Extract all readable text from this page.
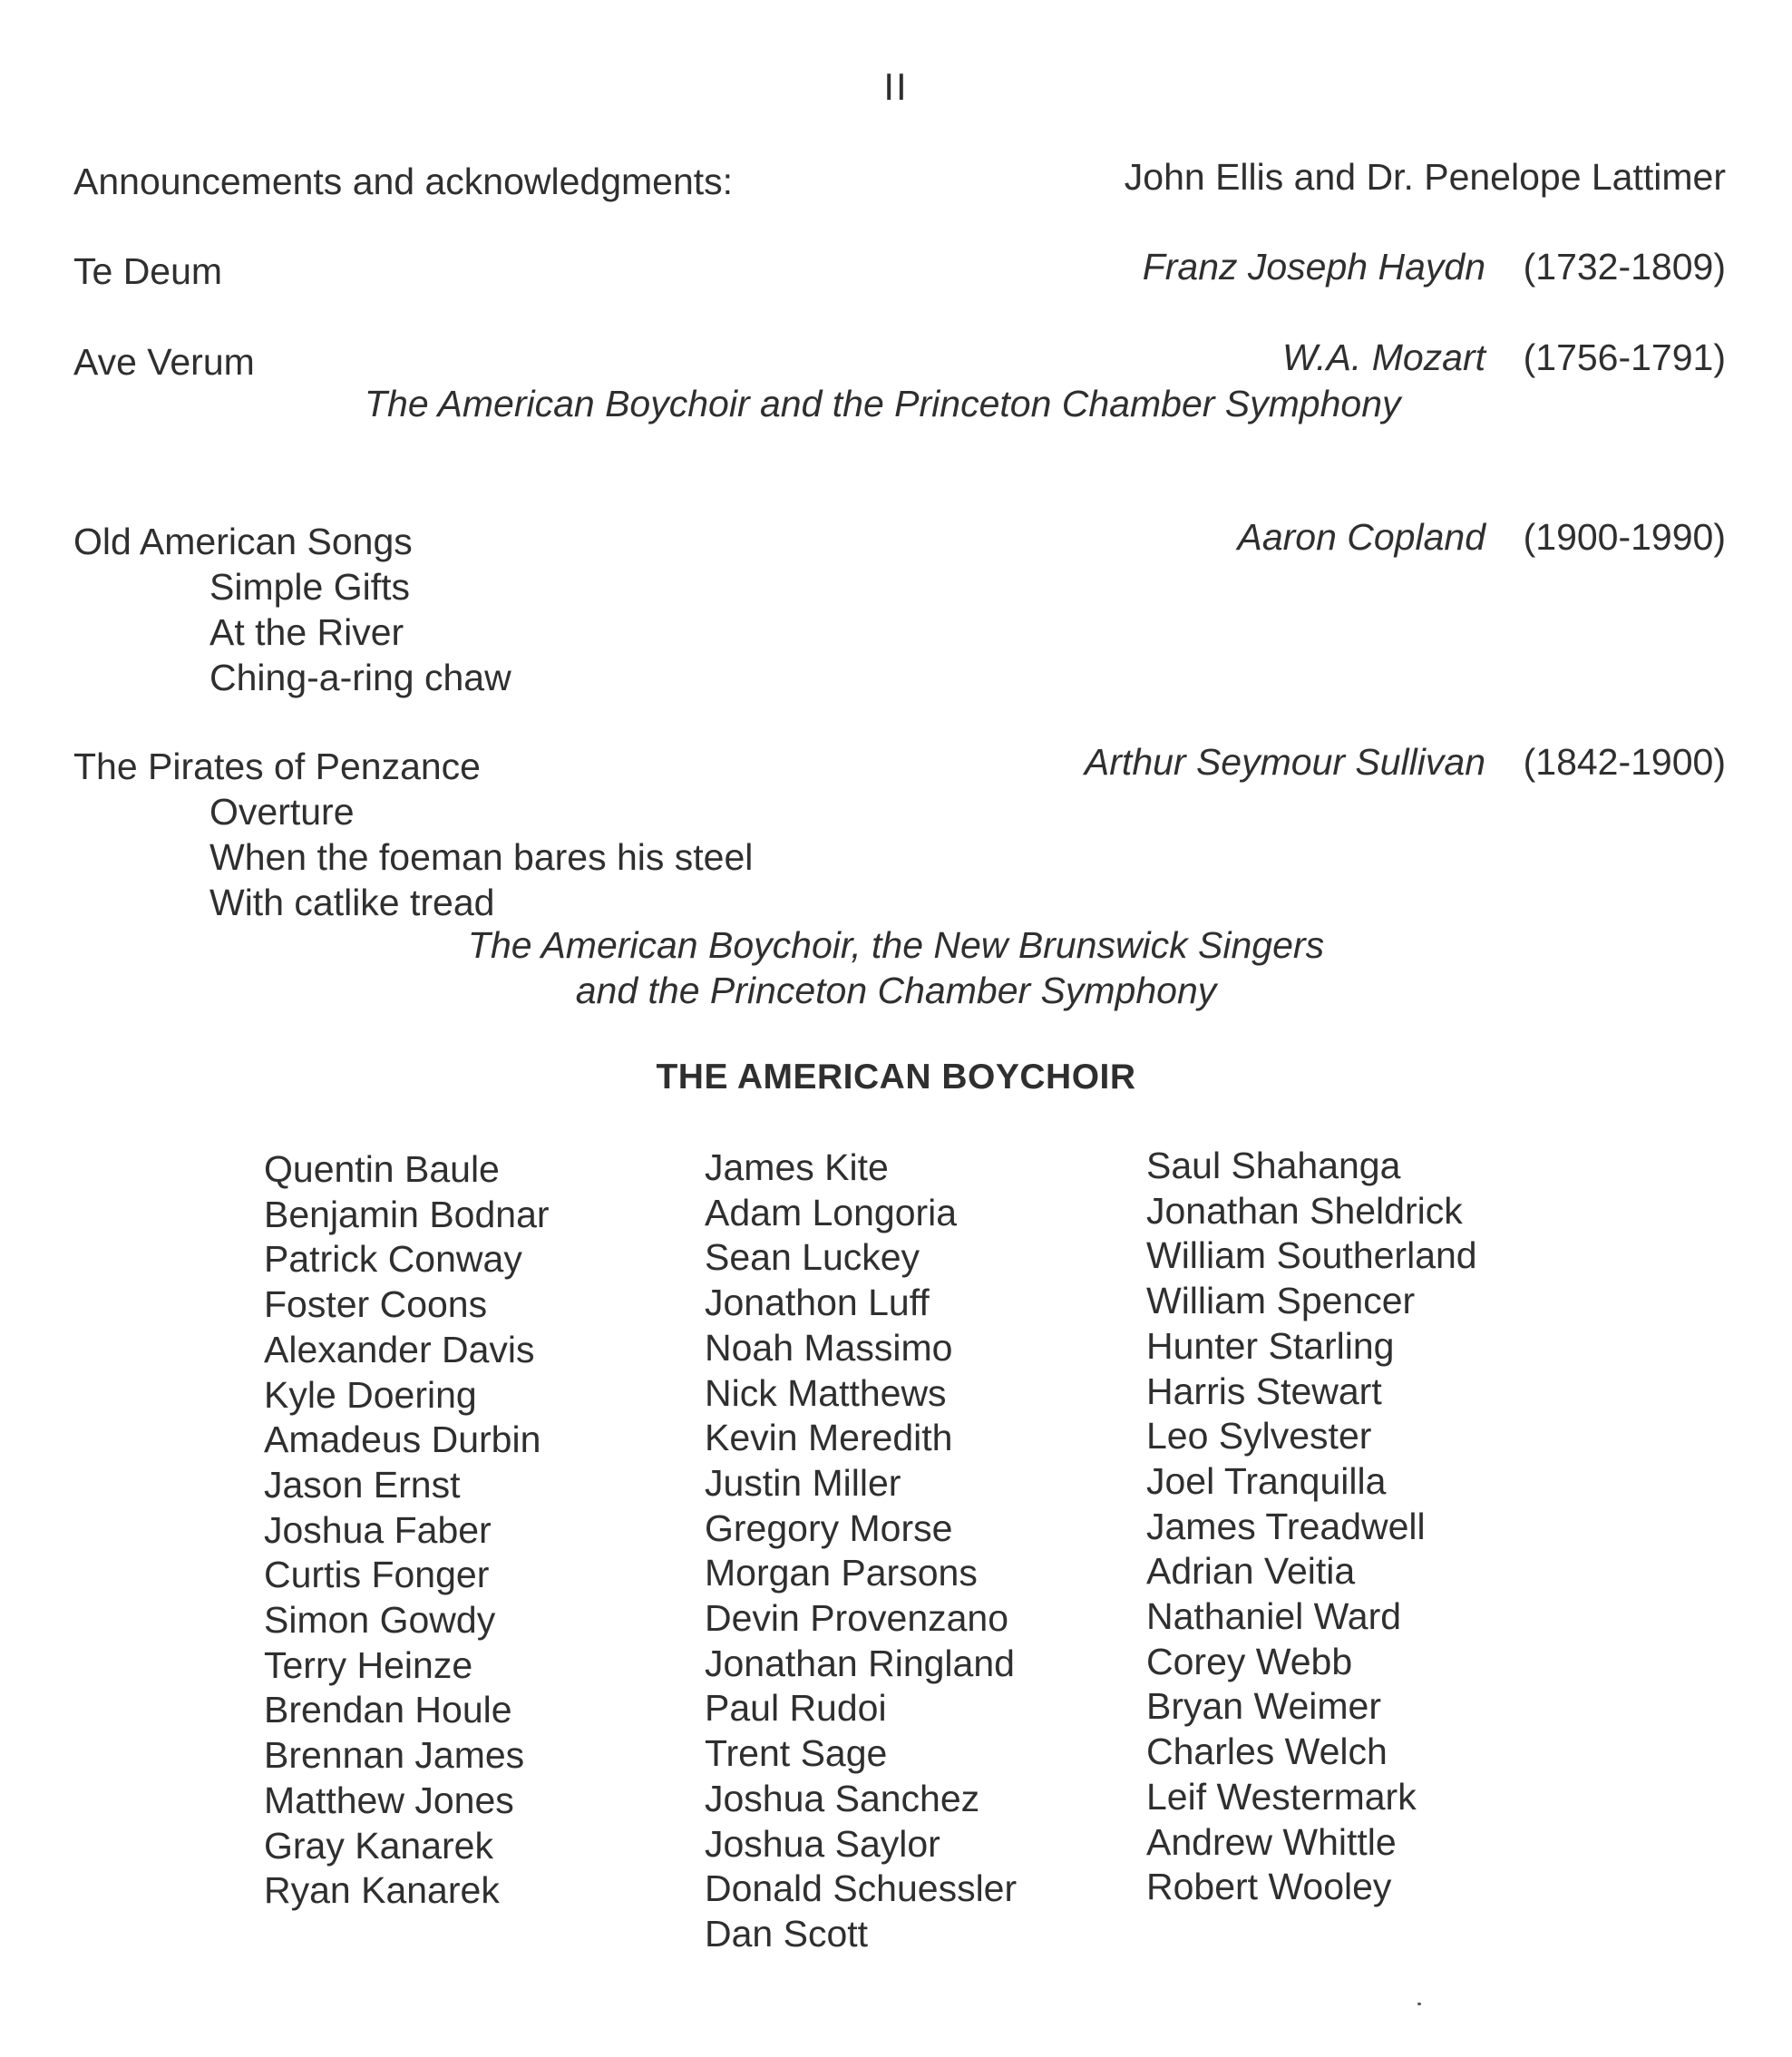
II
Announcements and acknowledgments:	John Ellis and Dr. Penelope Lattimer
Te Deum	Franz Joseph Haydn (1732-1809)
Ave Verum	W.A. Mozart (1756-1791)
The American Boychoir and the Princeton Chamber Symphony
Old American Songs	Aaron Copland (1900-1990)
Simple Gifts
At the River
Ching-a-ring chaw
The Pirates of Penzance	Arthur Seymour Sullivan (1842-1900)
Overture
When the foeman bares his steel
With catlike tread
The American Boychoir, the New Brunswick Singers
and the Princeton Chamber Symphony
THE AMERICAN BOYCHOIR
Quentin Baule
Benjamin Bodnar
Patrick Conway
Foster Coons
Alexander Davis
Kyle Doering
Amadeus Durbin
Jason Ernst
Joshua Faber
Curtis Fonger
Simon Gowdy
Terry Heinze
Brendan Houle
Brennan James
Matthew Jones
Gray Kanarek
Ryan Kanarek
James Kite
Adam Longoria
Sean Luckey
Jonathon Luff
Noah Massimo
Nick Matthews
Kevin Meredith
Justin Miller
Gregory Morse
Morgan Parsons
Devin Provenzano
Jonathan Ringland
Paul Rudoi
Trent Sage
Joshua Sanchez
Joshua Saylor
Donald Schuessler
Dan Scott
Saul Shahanga
Jonathan Sheldrick
William Southerland
William Spencer
Hunter Starling
Harris Stewart
Leo Sylvester
Joel Tranquilla
James Treadwell
Adrian Veitia
Nathaniel Ward
Corey Webb
Bryan Weimer
Charles Welch
Leif Westermark
Andrew Whittle
Robert Wooley
